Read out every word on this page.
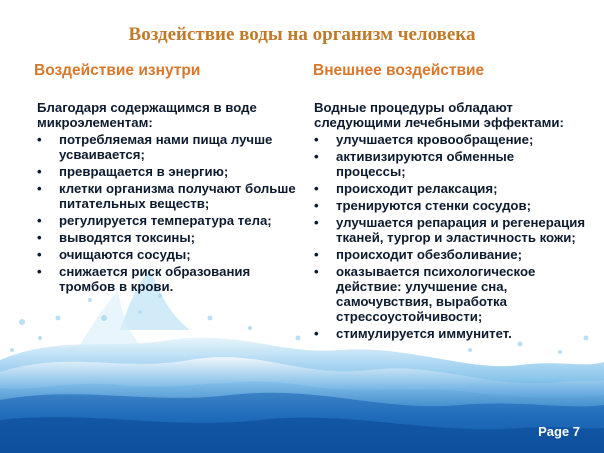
Воздействие воды на организм человека
Воздействие изнутри	Внешнее воздействие

Благодаря содержащимся в воде микроэлементам:

• потребляемая нами пища лучше усваивается;
• превращается в энергию;
• клетки организма получают больше питательных веществ;
• регулируется температура тела;
• выводятся токсины;
• очищаются сосуды;
• снижается риск образования тромбов в крови.

Водные процедуры обладают следующими лечебными эффектами:

• улучшается кровообращение;
• активизируются обменные процессы;
• происходит релаксация;
• тренируются стенки сосудов;
• улучшается репарация и регенерация тканей, тургор и эластичность кожи;
• происходит обезболивание;
• оказывается психологическое действие: улучшение сна, самочувствия, выработка стрессоустойчивости;
• стимулируется иммунитет.
Page 7
